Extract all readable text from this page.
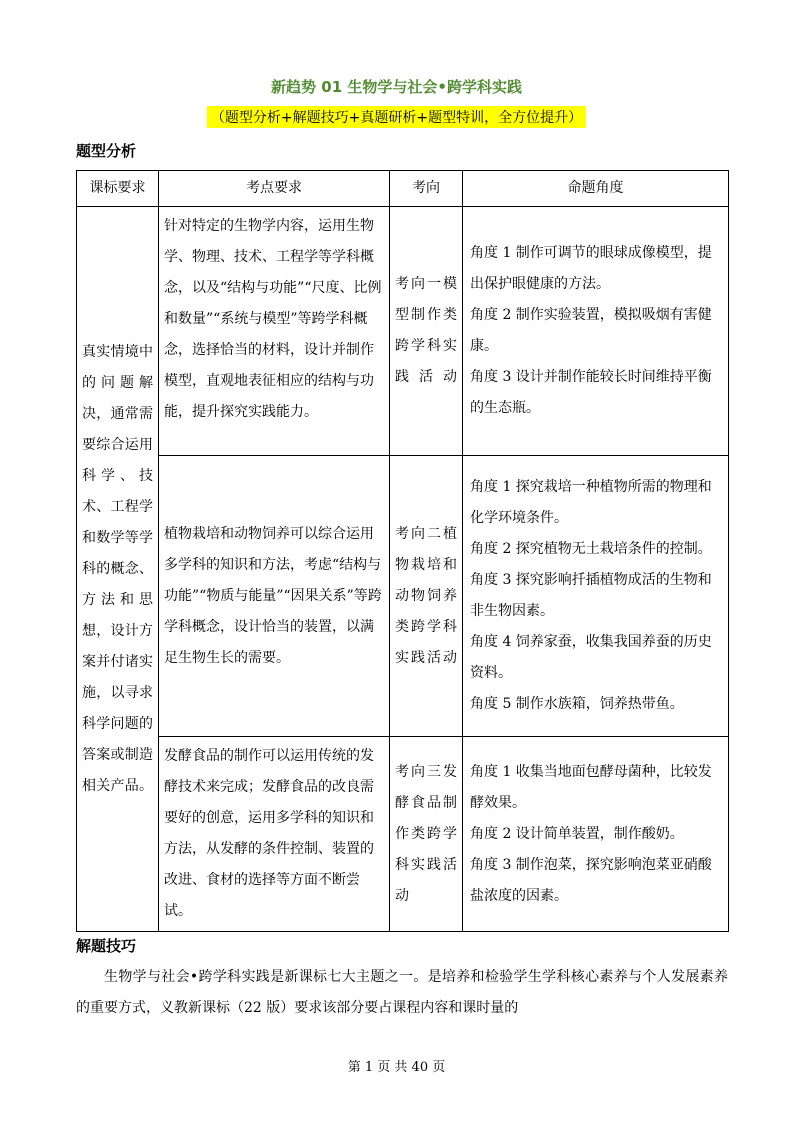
新趋势 01 生物学与社会•跨学科实践
（题型分析+解题技巧+真题研析+题型特训，全方位提升）
题型分析
课标要求	考点要求	考向	命题角度
真实情境中的问题解决，通常需要综合运用科学、技术、工程学和数学等学科的概念、方法和思想，设计方案并付诸实施，以寻求科学问题的答案或制造相关产品。	针对特定的生物学内容，运用生物学、物理、技术、工程学等学科概念，以及“结构与功能”“尺度、比例和数量”“系统与模型”等跨学科概念，选择恰当的材料，设计并制作模型，直观地表征相应的结构与功能，提升探究实践能力。	考向一模型制作类跨学科实践活动	角度 1 制作可调节的眼球成像模型，提出保护眼健康的方法。
角度 2 制作实验装置，模拟吸烟有害健康。
角度 3 设计并制作能较长时间维持平衡的生态瓶。

	植物栽培和动物饲养可以综合运用多学科的知识和方法，考虑“结构与功能”“物质与能量”“因果关系”等跨学科概念，设计恰当的装置，以满足生物生长的需要。	考向二植物栽培和动物饲养类跨学科实践活动	角度 1 探究栽培一种植物所需的物理和化学环境条件。
角度 2 探究植物无土栽培条件的控制。
角度 3 探究影响扦插植物成活的生物和非生物因素。
角度 4 饲养家蚕，收集我国养蚕的历史资料。
角度 5 制作水族箱，饲养热带鱼。

	发酵食品的制作可以运用传统的发酵技术来完成；发酵食品的改良需要好的创意，运用多学科的知识和方法，从发酵的条件控制、装置的改进、食材的选择等方面不断尝试。	考向三发酵食品制作类跨学科实践活动	角度 1 收集当地面包酵母菌种，比较发酵效果。
角度 2 设计简单装置，制作酸奶。
角度 3 制作泡菜，探究影响泡菜亚硝酸盐浓度的因素。
解题技巧
生物学与社会•跨学科实践是新课标七大主题之一。是培养和检验学生学科核心素养与个人发展素养的重要方式，义教新课标（22 版）要求该部分要占课程内容和课时量的
第 1 页 共 40 页
